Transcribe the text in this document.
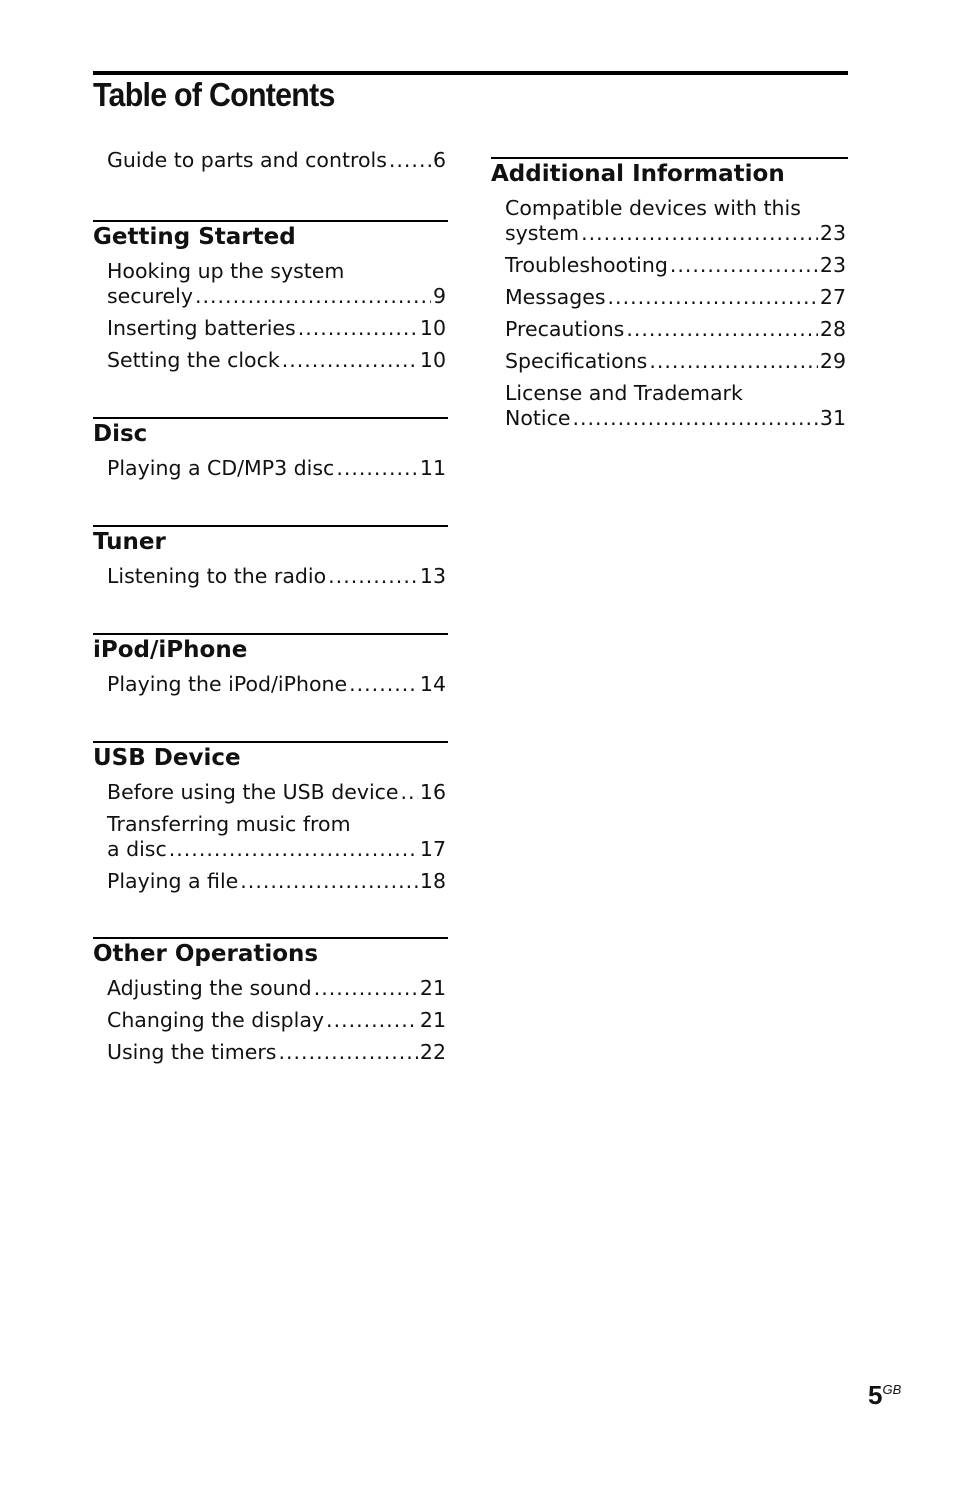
Table of Contents
Guide to parts and controls ..... 6
Getting Started
Hooking up the system
securely .....	9
Inserting batteries .....	10
Setting the clock .....	10
Disc
Playing a CD/MP3 disc .....	11
Tuner
Listening to the radio .....	13
iPod/iPhone
Playing the iPod/iPhone .....	14
USB Device
Before using the USB device ..... 16
Transferring music from
a disc .....	17
Playing a file .....	18
Other Operations
Adjusting the sound .....	21
Changing the display .....	21
Using the timers .....	22
Additional Information
Compatible devices with this
system .....	23
Troubleshooting .....	23
Messages .....	27
Precautions .....	28
Specifications .....	29
License and Trademark
Notice .....	31
$5^{GB}$
